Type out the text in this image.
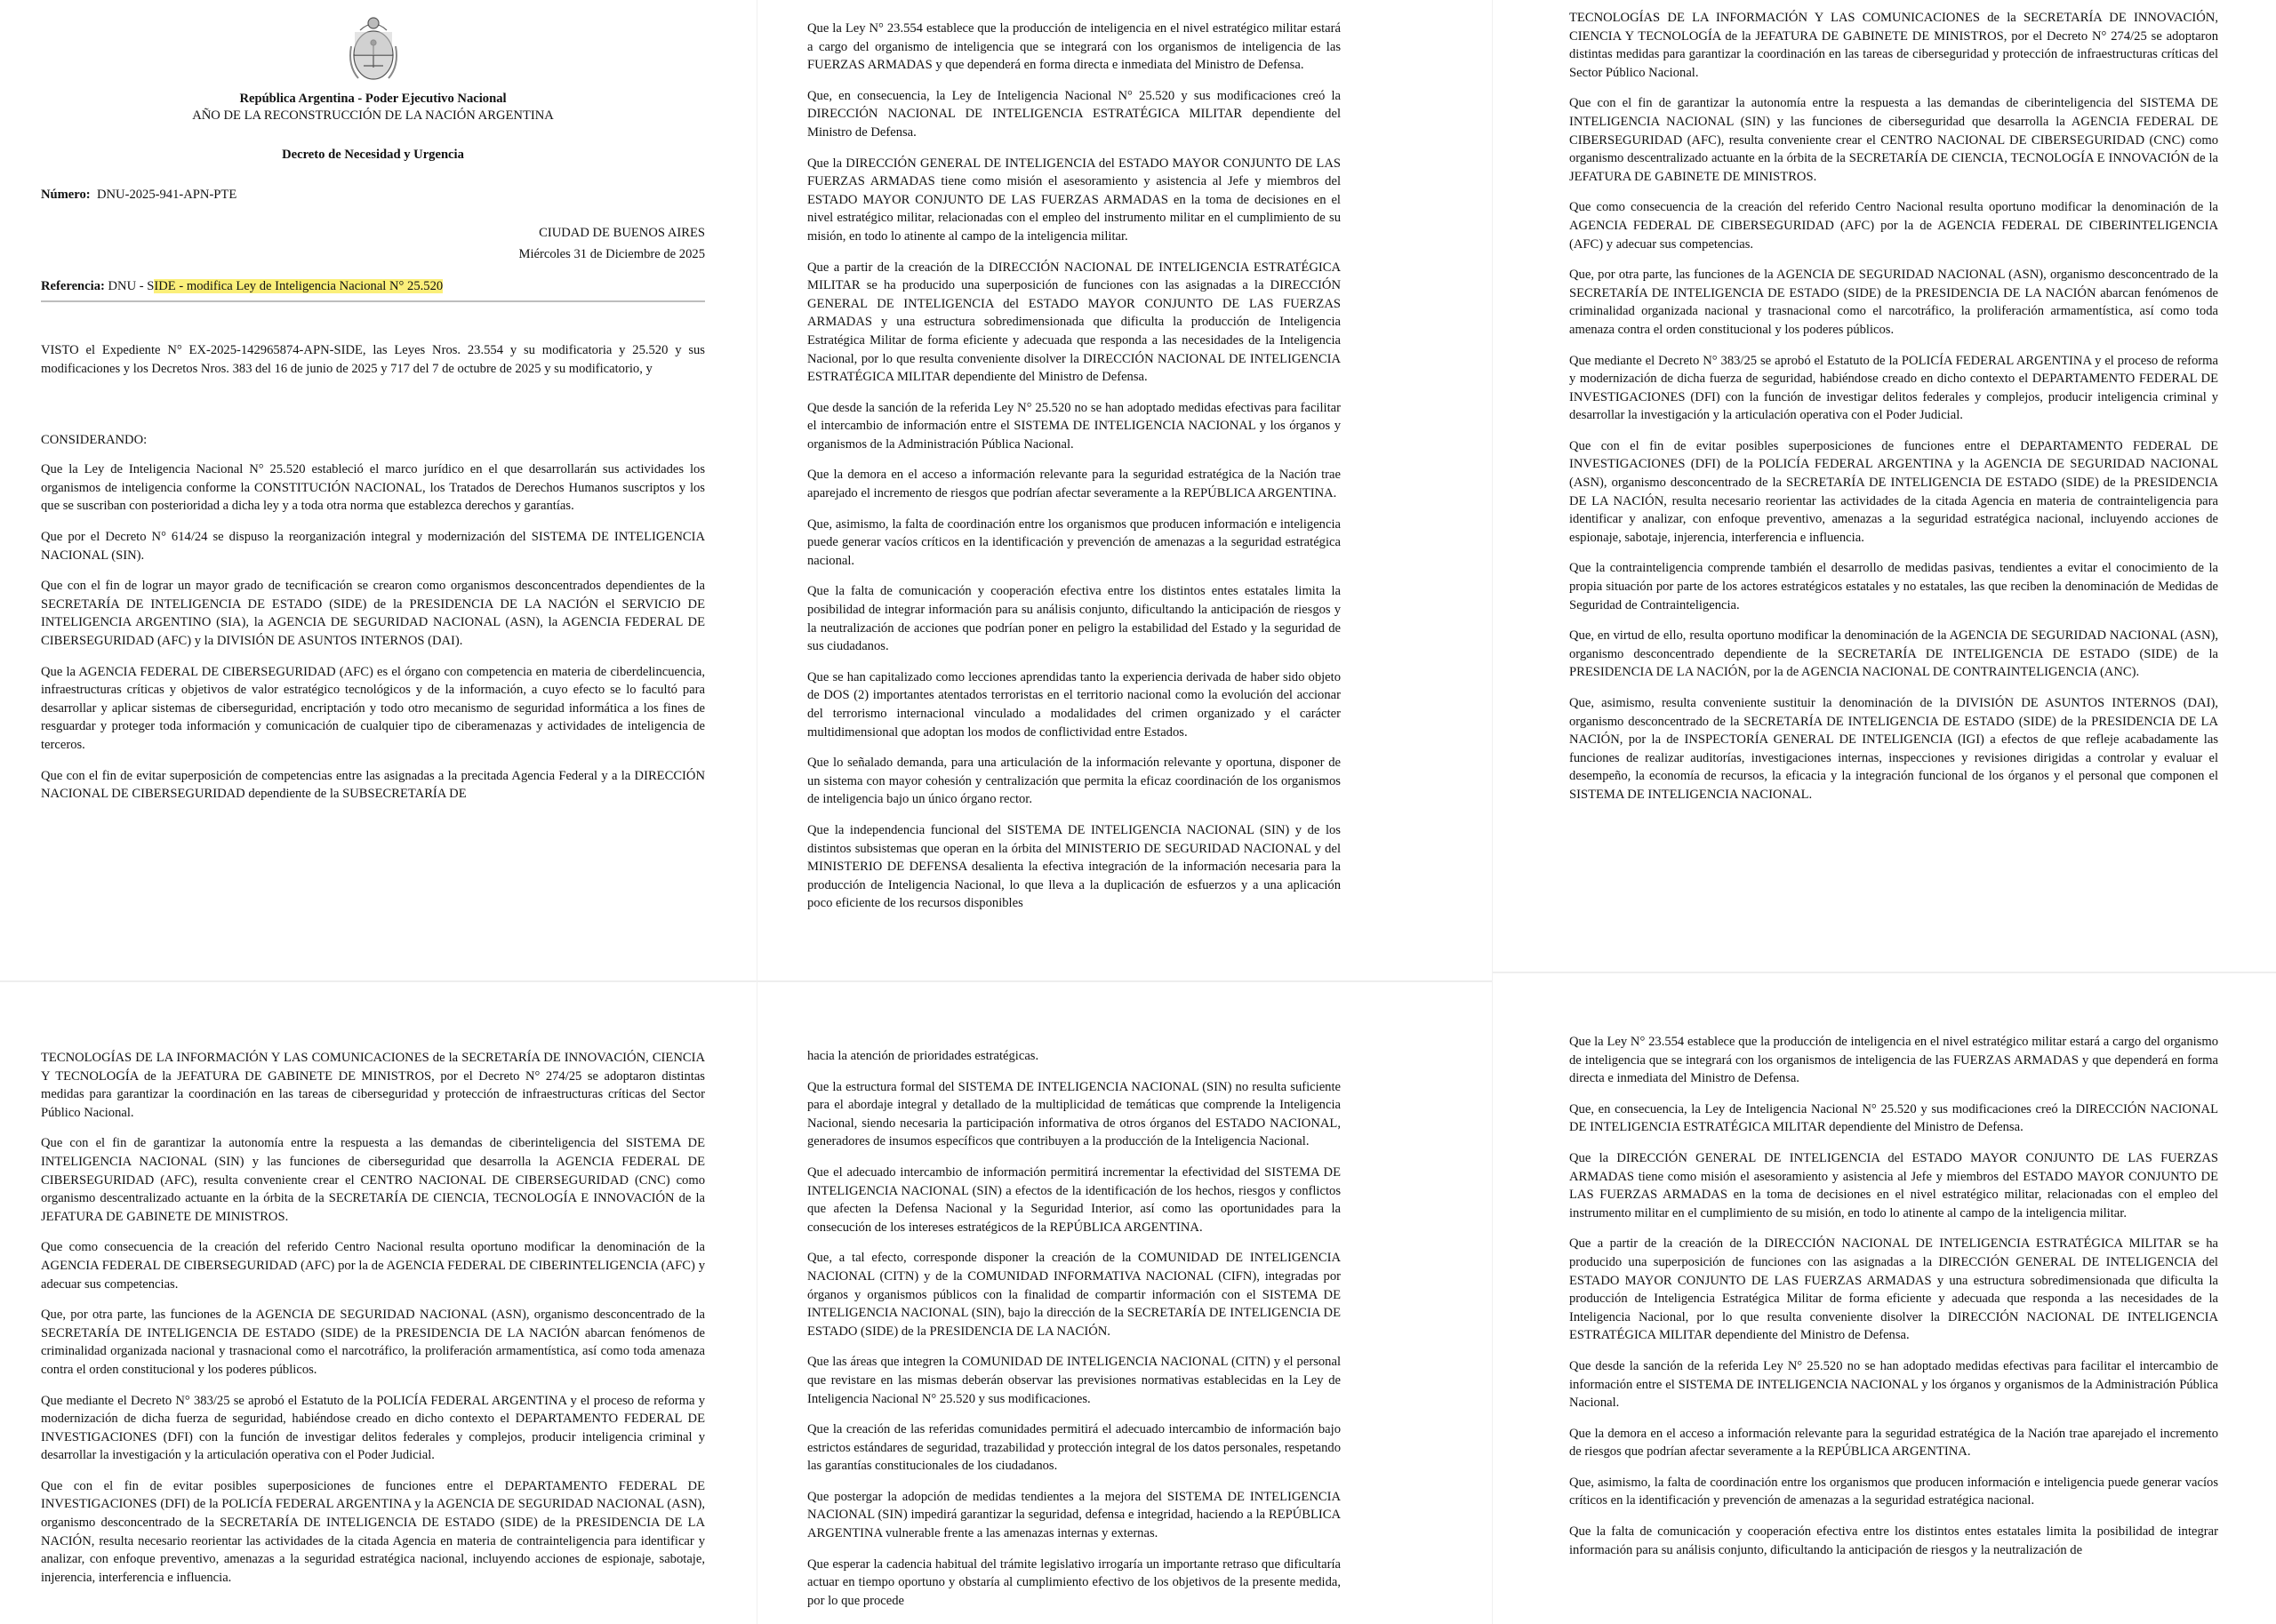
República Argentina - Poder Ejecutivo Nacional

AÑO DE LA RECONSTRUCCIÓN DE LA NACIÓN ARGENTINA

Decreto de Necesidad y Urgencia

Número: DNU-2025-941-APN-PTE

CIUDAD DE BUENOS AIRES

Miércoles 31 de Diciembre de 2025

Referencia: DNU - SIDE - modifica Ley de Inteligencia Nacional N° 25.520

VISTO el Expediente N° EX-2025-142965874-APN-SIDE, las Leyes Nros. 23.554 y su modificatoria y 25.520 y sus modificaciones y los Decretos Nros. 383 del 16 de junio de 2025 y 717 del 7 de octubre de 2025 y su modificatorio, y

CONSIDERANDO:

Que la Ley de Inteligencia Nacional N° 25.520 estableció el marco jurídico en el que desarrollarán sus actividades los organismos de inteligencia conforme la CONSTITUCIÓN NACIONAL, los Tratados de Derechos Humanos suscriptos y los que se suscriban con posterioridad a dicha ley y a toda otra norma que establezca derechos y garantías.

Que por el Decreto N° 614/24 se dispuso la reorganización integral y modernización del SISTEMA DE INTELIGENCIA NACIONAL (SIN).

Que con el fin de lograr un mayor grado de tecnificación se crearon como organismos desconcentrados dependientes de la SECRETARÍA DE INTELIGENCIA DE ESTADO (SIDE) de la PRESIDENCIA DE LA NACIÓN el SERVICIO DE INTELIGENCIA ARGENTINO (SIA), la AGENCIA DE SEGURIDAD NACIONAL (ASN), la AGENCIA FEDERAL DE CIBERSEGURIDAD (AFC) y la DIVISIÓN DE ASUNTOS INTERNOS (DAI).

Que la AGENCIA FEDERAL DE CIBERSEGURIDAD (AFC) es el órgano con competencia en materia de ciberdelincuencia, infraestructuras críticas y objetivos de valor estratégico tecnológicos y de la información, a cuyo efecto se lo facultó para desarrollar y aplicar sistemas de ciberseguridad, encriptación y todo otro mecanismo de seguridad informática a los fines de resguardar y proteger toda información y comunicación de cualquier tipo de ciberamenazas y actividades de inteligencia de terceros.

Que con el fin de evitar superposición de competencias entre las asignadas a la precitada Agencia Federal y a la DIRECCIÓN NACIONAL DE CIBERSEGURIDAD dependiente de la SUBSECRETARÍA DE

Que la Ley N° 23.554 establece que la producción de inteligencia en el nivel estratégico militar estará a cargo del organismo de inteligencia que se integrará con los organismos de inteligencia de las FUERZAS ARMADAS y que dependerá en forma directa e inmediata del Ministro de Defensa.

Que, en consecuencia, la Ley de Inteligencia Nacional N° 25.520 y sus modificaciones creó la DIRECCIÓN NACIONAL DE INTELIGENCIA ESTRATÉGICA MILITAR dependiente del Ministro de Defensa.

Que la DIRECCIÓN GENERAL DE INTELIGENCIA del ESTADO MAYOR CONJUNTO DE LAS FUERZAS ARMADAS tiene como misión el asesoramiento y asistencia al Jefe y miembros del ESTADO MAYOR CONJUNTO DE LAS FUERZAS ARMADAS en la toma de decisiones en el nivel estratégico militar, relacionadas con el empleo del instrumento militar en el cumplimiento de su misión, en todo lo atinente al campo de la inteligencia militar.

Que a partir de la creación de la DIRECCIÓN NACIONAL DE INTELIGENCIA ESTRATÉGICA MILITAR se ha producido una superposición de funciones con las asignadas a la DIRECCIÓN GENERAL DE INTELIGENCIA del ESTADO MAYOR CONJUNTO DE LAS FUERZAS ARMADAS y una estructura sobredimensionada que dificulta la producción de Inteligencia Estratégica Militar de forma eficiente y adecuada que responda a las necesidades de la Inteligencia Nacional, por lo que resulta conveniente disolver la DIRECCIÓN NACIONAL DE INTELIGENCIA ESTRATÉGICA MILITAR dependiente del Ministro de Defensa.

Que desde la sanción de la referida Ley N° 25.520 no se han adoptado medidas efectivas para facilitar el intercambio de información entre el SISTEMA DE INTELIGENCIA NACIONAL y los órganos y organismos de la Administración Pública Nacional.

Que la demora en el acceso a información relevante para la seguridad estratégica de la Nación trae aparejado el incremento de riesgos que podrían afectar severamente a la REPÚBLICA ARGENTINA.

Que, asimismo, la falta de coordinación entre los organismos que producen información e inteligencia puede generar vacíos críticos en la identificación y prevención de amenazas a la seguridad estratégica nacional.

Que la falta de comunicación y cooperación efectiva entre los distintos entes estatales limita la posibilidad de integrar información para su análisis conjunto, dificultando la anticipación de riesgos y la neutralización de acciones que podrían poner en peligro la estabilidad del Estado y la seguridad de sus ciudadanos.

Que se han capitalizado como lecciones aprendidas tanto la experiencia derivada de haber sido objeto de DOS (2) importantes atentados terroristas en el territorio nacional como la evolución del accionar del terrorismo internacional vinculado a modalidades del crimen organizado y el carácter multidimensional que adoptan los modos de conflictividad entre Estados.

Que lo señalado demanda, para una articulación de la información relevante y oportuna, disponer de un sistema con mayor cohesión y centralización que permita la eficaz coordinación de los organismos de inteligencia bajo un único órgano rector.

Que la independencia funcional del SISTEMA DE INTELIGENCIA NACIONAL (SIN) y de los distintos subsistemas que operan en la órbita del MINISTERIO DE SEGURIDAD NACIONAL y del MINISTERIO DE DEFENSA desalienta la efectiva integración de la información necesaria para la producción de Inteligencia Nacional, lo que lleva a la duplicación de esfuerzos y a una aplicación poco eficiente de los recursos disponibles

TECNOLOGÍAS DE LA INFORMACIÓN Y LAS COMUNICACIONES de la SECRETARÍA DE INNOVACIÓN, CIENCIA Y TECNOLOGÍA de la JEFATURA DE GABINETE DE MINISTROS, por el Decreto N° 274/25 se adoptaron distintas medidas para garantizar la coordinación en las tareas de ciberseguridad y protección de infraestructuras críticas del Sector Público Nacional.

Que con el fin de garantizar la autonomía entre la respuesta a las demandas de ciberinteligencia del SISTEMA DE INTELIGENCIA NACIONAL (SIN) y las funciones de ciberseguridad que desarrolla la AGENCIA FEDERAL DE CIBERSEGURIDAD (AFC), resulta conveniente crear el CENTRO NACIONAL DE CIBERSEGURIDAD (CNC) como organismo descentralizado actuante en la órbita de la SECRETARÍA DE CIENCIA, TECNOLOGÍA E INNOVACIÓN de la JEFATURA DE GABINETE DE MINISTROS.

Que como consecuencia de la creación del referido Centro Nacional resulta oportuno modificar la denominación de la AGENCIA FEDERAL DE CIBERSEGURIDAD (AFC) por la de AGENCIA FEDERAL DE CIBERINTELIGENCIA (AFC) y adecuar sus competencias.

Que, por otra parte, las funciones de la AGENCIA DE SEGURIDAD NACIONAL (ASN), organismo desconcentrado de la SECRETARÍA DE INTELIGENCIA DE ESTADO (SIDE) de la PRESIDENCIA DE LA NACIÓN abarcan fenómenos de criminalidad organizada nacional y trasnacional como el narcotráfico, la proliferación armamentística, así como toda amenaza contra el orden constitucional y los poderes públicos.

Que mediante el Decreto N° 383/25 se aprobó el Estatuto de la POLICÍA FEDERAL ARGENTINA y el proceso de reforma y modernización de dicha fuerza de seguridad, habiéndose creado en dicho contexto el DEPARTAMENTO FEDERAL DE INVESTIGACIONES (DFI) con la función de investigar delitos federales y complejos, producir inteligencia criminal y desarrollar la investigación y la articulación operativa con el Poder Judicial.

Que con el fin de evitar posibles superposiciones de funciones entre el DEPARTAMENTO FEDERAL DE INVESTIGACIONES (DFI) de la POLICÍA FEDERAL ARGENTINA y la AGENCIA DE SEGURIDAD NACIONAL (ASN), organismo desconcentrado de la SECRETARÍA DE INTELIGENCIA DE ESTADO (SIDE) de la PRESIDENCIA DE LA NACIÓN, resulta necesario reorientar las actividades de la citada Agencia en materia de contrainteligencia para identificar y analizar, con enfoque preventivo, amenazas a la seguridad estratégica nacional, incluyendo acciones de espionaje, sabotaje, injerencia, interferencia e influencia.

Que la contrainteligencia comprende también el desarrollo de medidas pasivas, tendientes a evitar el conocimiento de la propia situación por parte de los actores estratégicos estatales y no estatales, las que reciben la denominación de Medidas de Seguridad de Contrainteligencia.

Que, en virtud de ello, resulta oportuno modificar la denominación de la AGENCIA DE SEGURIDAD NACIONAL (ASN), organismo desconcentrado dependiente de la SECRETARÍA DE INTELIGENCIA DE ESTADO (SIDE) de la PRESIDENCIA DE LA NACIÓN, por la de AGENCIA NACIONAL DE CONTRAINTELIGENCIA (ANC).

Que, asimismo, resulta conveniente sustituir la denominación de la DIVISIÓN DE ASUNTOS INTERNOS (DAI), organismo desconcentrado de la SECRETARÍA DE INTELIGENCIA DE ESTADO (SIDE) de la PRESIDENCIA DE LA NACIÓN, por la de INSPECTORÍA GENERAL DE INTELIGENCIA (IGI) a efectos de que refleje acabadamente las funciones de realizar auditorías, investigaciones internas, inspecciones y revisiones dirigidas a controlar y evaluar el desempeño, la economía de recursos, la eficacia y la integración funcional de los órganos y el personal que componen el SISTEMA DE INTELIGENCIA NACIONAL.

TECNOLOGÍAS DE LA INFORMACIÓN Y LAS COMUNICACIONES de la SECRETARÍA DE INNOVACIÓN, CIENCIA Y TECNOLOGÍA de la JEFATURA DE GABINETE DE MINISTROS, por el Decreto N° 274/25 se adoptaron distintas medidas para garantizar la coordinación en las tareas de ciberseguridad y protección de infraestructuras críticas del Sector Público Nacional.

Que con el fin de garantizar la autonomía entre la respuesta a las demandas de ciberinteligencia del SISTEMA DE INTELIGENCIA NACIONAL (SIN) y las funciones de ciberseguridad que desarrolla la AGENCIA FEDERAL DE CIBERSEGURIDAD (AFC), resulta conveniente crear el CENTRO NACIONAL DE CIBERSEGURIDAD (CNC) como organismo descentralizado actuante en la órbita de la SECRETARÍA DE CIENCIA, TECNOLOGÍA E INNOVACIÓN de la JEFATURA DE GABINETE DE MINISTROS.

Que como consecuencia de la creación del referido Centro Nacional resulta oportuno modificar la denominación de la AGENCIA FEDERAL DE CIBERSEGURIDAD (AFC) por la de AGENCIA FEDERAL DE CIBERINTELIGENCIA (AFC) y adecuar sus competencias.

Que, por otra parte, las funciones de la AGENCIA DE SEGURIDAD NACIONAL (ASN), organismo desconcentrado de la SECRETARÍA DE INTELIGENCIA DE ESTADO (SIDE) de la PRESIDENCIA DE LA NACIÓN abarcan fenómenos de criminalidad organizada nacional y trasnacional como el narcotráfico, la proliferación armamentística, así como toda amenaza contra el orden constitucional y los poderes públicos.

Que mediante el Decreto N° 383/25 se aprobó el Estatuto de la POLICÍA FEDERAL ARGENTINA y el proceso de reforma y modernización de dicha fuerza de seguridad, habiéndose creado en dicho contexto el DEPARTAMENTO FEDERAL DE INVESTIGACIONES (DFI) con la función de investigar delitos federales y complejos, producir inteligencia criminal y desarrollar la investigación y la articulación operativa con el Poder Judicial.

Que con el fin de evitar posibles superposiciones de funciones entre el DEPARTAMENTO FEDERAL DE INVESTIGACIONES (DFI) de la POLICÍA FEDERAL ARGENTINA y la AGENCIA DE SEGURIDAD NACIONAL (ASN), organismo desconcentrado de la SECRETARÍA DE INTELIGENCIA DE ESTADO (SIDE) de la PRESIDENCIA DE LA NACIÓN, resulta necesario reorientar las actividades de la citada Agencia en materia de contrainteligencia para identificar y analizar, con enfoque preventivo, amenazas a la seguridad estratégica nacional, incluyendo acciones de espionaje, sabotaje, injerencia, interferencia e influencia.

hacia la atención de prioridades estratégicas.

Que la estructura formal del SISTEMA DE INTELIGENCIA NACIONAL (SIN) no resulta suficiente para el abordaje integral y detallado de la multiplicidad de temáticas que comprende la Inteligencia Nacional, siendo necesaria la participación informativa de otros órganos del ESTADO NACIONAL, generadores de insumos específicos que contribuyen a la producción de la Inteligencia Nacional.

Que el adecuado intercambio de información permitirá incrementar la efectividad del SISTEMA DE INTELIGENCIA NACIONAL (SIN) a efectos de la identificación de los hechos, riesgos y conflictos que afecten la Defensa Nacional y la Seguridad Interior, así como las oportunidades para la consecución de los intereses estratégicos de la REPÚBLICA ARGENTINA.

Que, a tal efecto, corresponde disponer la creación de la COMUNIDAD DE INTELIGENCIA NACIONAL (CITN) y de la COMUNIDAD INFORMATIVA NACIONAL (CIFN), integradas por órganos y organismos públicos con la finalidad de compartir información con el SISTEMA DE INTELIGENCIA NACIONAL (SIN), bajo la dirección de la SECRETARÍA DE INTELIGENCIA DE ESTADO (SIDE) de la PRESIDENCIA DE LA NACIÓN.

Que las áreas que integren la COMUNIDAD DE INTELIGENCIA NACIONAL (CITN) y el personal que revistare en las mismas deberán observar las previsiones normativas establecidas en la Ley de Inteligencia Nacional N° 25.520 y sus modificaciones.

Que la creación de las referidas comunidades permitirá el adecuado intercambio de información bajo estrictos estándares de seguridad, trazabilidad y protección integral de los datos personales, respetando las garantías constitucionales de los ciudadanos.

Que postergar la adopción de medidas tendientes a la mejora del SISTEMA DE INTELIGENCIA NACIONAL (SIN) impedirá garantizar la seguridad, defensa e integridad, haciendo a la REPÚBLICA ARGENTINA vulnerable frente a las amenazas internas y externas.

Que esperar la cadencia habitual del trámite legislativo irrogaría un importante retraso que dificultaría actuar en tiempo oportuno y obstaría al cumplimiento efectivo de los objetivos de la presente medida, por lo que procede

Que la Ley N° 23.554 establece que la producción de inteligencia en el nivel estratégico militar estará a cargo del organismo de inteligencia que se integrará con los organismos de inteligencia de las FUERZAS ARMADAS y que dependerá en forma directa e inmediata del Ministro de Defensa.

Que, en consecuencia, la Ley de Inteligencia Nacional N° 25.520 y sus modificaciones creó la DIRECCIÓN NACIONAL DE INTELIGENCIA ESTRATÉGICA MILITAR dependiente del Ministro de Defensa.

Que la DIRECCIÓN GENERAL DE INTELIGENCIA del ESTADO MAYOR CONJUNTO DE LAS FUERZAS ARMADAS tiene como misión el asesoramiento y asistencia al Jefe y miembros del ESTADO MAYOR CONJUNTO DE LAS FUERZAS ARMADAS en la toma de decisiones en el nivel estratégico militar, relacionadas con el empleo del instrumento militar en el cumplimiento de su misión, en todo lo atinente al campo de la inteligencia militar.

Que a partir de la creación de la DIRECCIÓN NACIONAL DE INTELIGENCIA ESTRATÉGICA MILITAR se ha producido una superposición de funciones con las asignadas a la DIRECCIÓN GENERAL DE INTELIGENCIA del ESTADO MAYOR CONJUNTO DE LAS FUERZAS ARMADAS y una estructura sobredimensionada que dificulta la producción de Inteligencia Estratégica Militar de forma eficiente y adecuada que responda a las necesidades de la Inteligencia Nacional, por lo que resulta conveniente disolver la DIRECCIÓN NACIONAL DE INTELIGENCIA ESTRATÉGICA MILITAR dependiente del Ministro de Defensa.

Que desde la sanción de la referida Ley N° 25.520 no se han adoptado medidas efectivas para facilitar el intercambio de información entre el SISTEMA DE INTELIGENCIA NACIONAL y los órganos y organismos de la Administración Pública Nacional.

Que la demora en el acceso a información relevante para la seguridad estratégica de la Nación trae aparejado el incremento de riesgos que podrían afectar severamente a la REPÚBLICA ARGENTINA.

Que, asimismo, la falta de coordinación entre los organismos que producen información e inteligencia puede generar vacíos críticos en la identificación y prevención de amenazas a la seguridad estratégica nacional.

Que la falta de comunicación y cooperación efectiva entre los distintos entes estatales limita la posibilidad de integrar información para su análisis conjunto, dificultando la anticipación de riesgos y la neutralización de
